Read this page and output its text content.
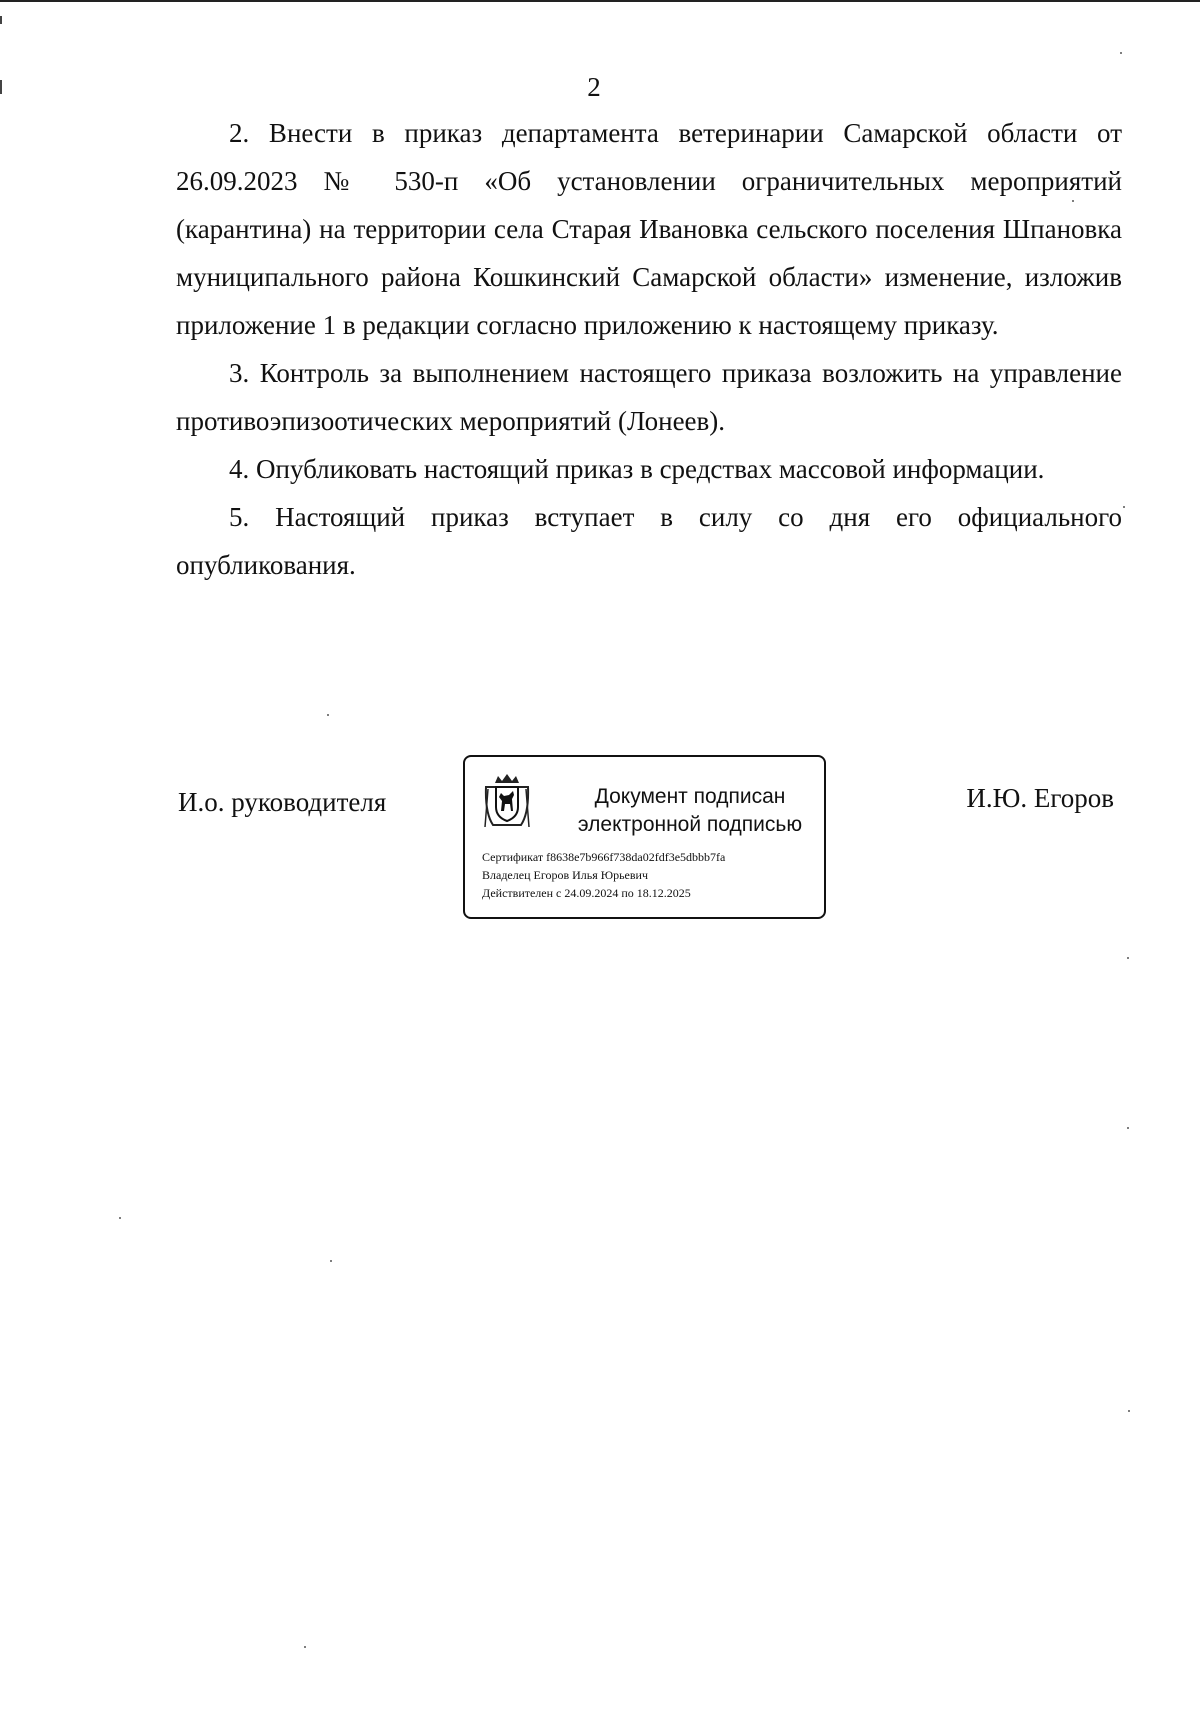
2

2. Внести в приказ департамента ветеринарии Самарской области от 26.09.2023 № 530-п «Об установлении ограничительных мероприятий (карантина) на территории села Старая Ивановка сельского поселения Шпановка муниципального района Кошкинский Самарской области» изменение, изложив приложение 1 в редакции согласно приложению к настоящему приказу.

3. Контроль за выполнением настоящего приказа возложить на управление противоэпизоотических мероприятий (Лонеев).

4. Опубликовать настоящий приказ в средствах массовой информации.

5. Настоящий приказ вступает в силу со дня его официального опубликования.

И.о. руководителя	Документ подписан
электронной подписью
Сертификат f8638e7b966f738da02fdf3e5dbbb7fa
Владелец Егоров Илья Юрьевич
Действителен с 24.09.2024 по 18.12.2025
И.Ю. Егоров
